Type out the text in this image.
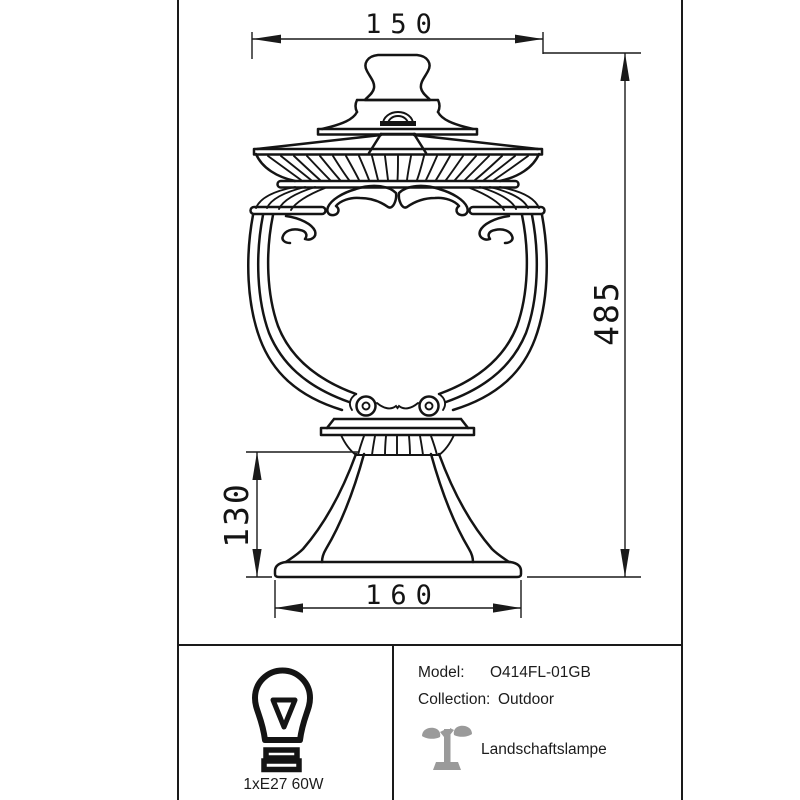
150
485
130
160
1xE27 60W
Model: O414FL-01GB
Collection: Outdoor
Landschaftslampe
